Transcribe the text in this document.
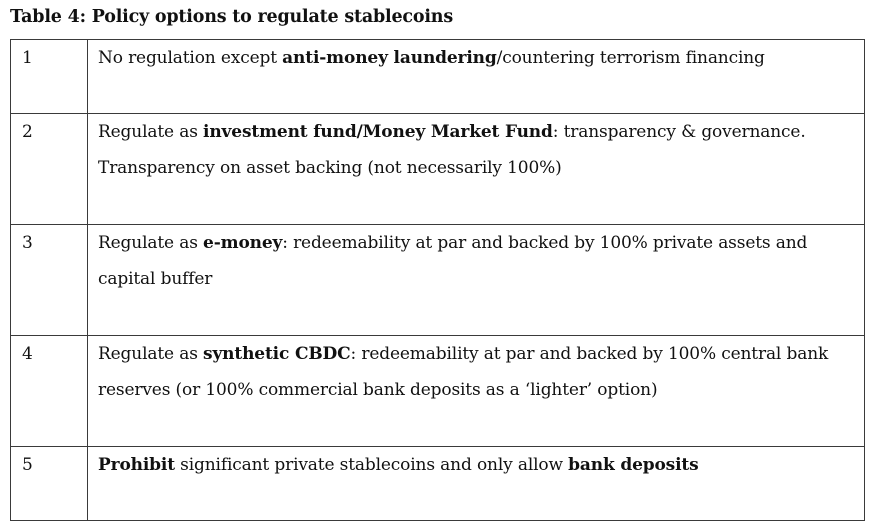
Table 4: Policy options to regulate stablecoins
1	No regulation except anti-money laundering/countering terrorism financing
2	Regulate as investment fund/Money Market Fund: transparency & governance. Transparency on asset backing (not necessarily 100%)
3	Regulate as e-money: redeemability at par and backed by 100% private assets and capital buffer
4	Regulate as synthetic CBDC: redeemability at par and backed by 100% central bank reserves (or 100% commercial bank deposits as a ‘lighter’ option)
5	Prohibit significant private stablecoins and only allow bank deposits
